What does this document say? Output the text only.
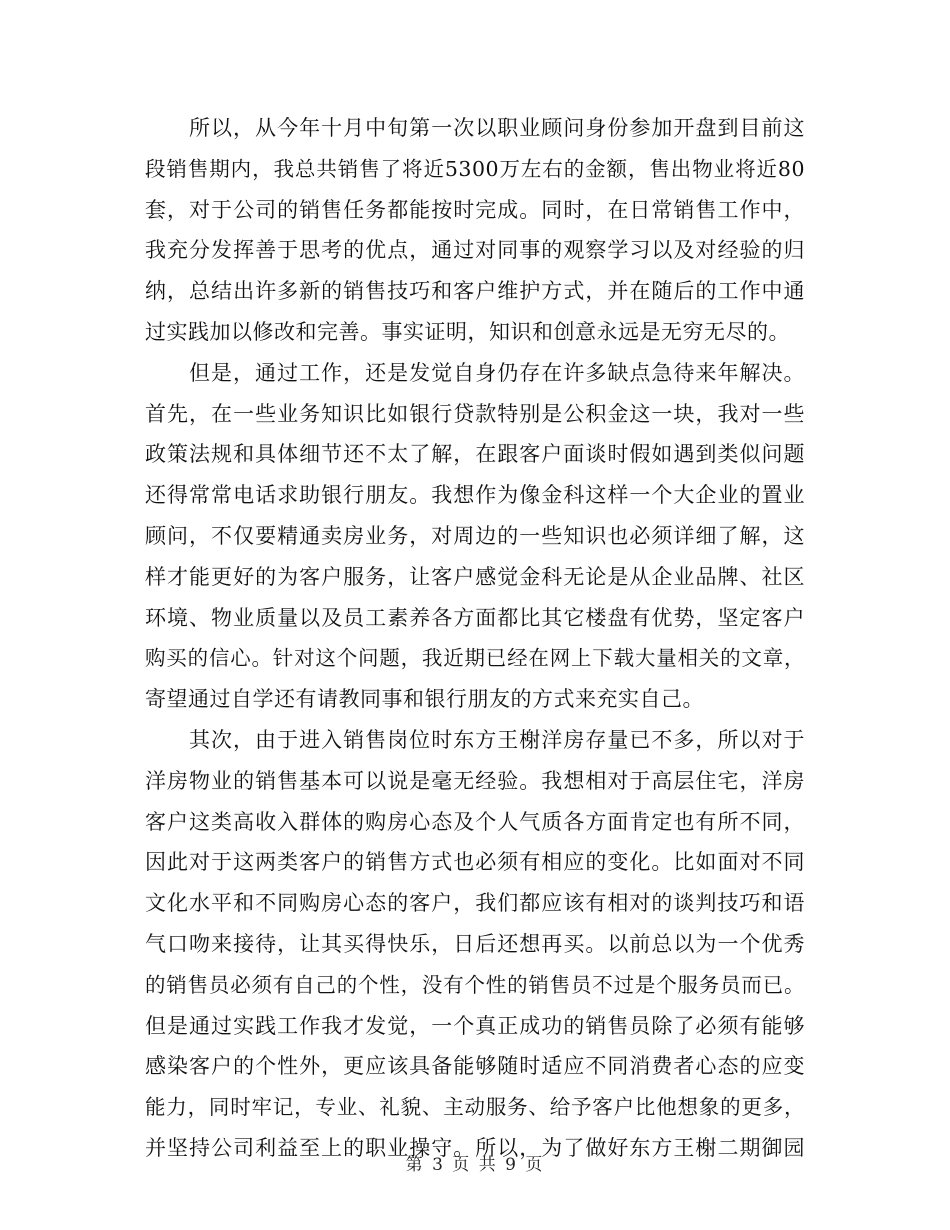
所以，从今年十月中旬第一次以职业顾问身份参加开盘到目前这
段销售期内，我总共销售了将近5300万左右的金额，售出物业将近80
套，对于公司的销售任务都能按时完成。同时，在日常销售工作中，
我充分发挥善于思考的优点，通过对同事的观察学习以及对经验的归
纳，总结出许多新的销售技巧和客户维护方式，并在随后的工作中通
过实践加以修改和完善。事实证明，知识和创意永远是无穷无尽的。
但是，通过工作，还是发觉自身仍存在许多缺点急待来年解决。
首先，在一些业务知识比如银行贷款特别是公积金这一块，我对一些
政策法规和具体细节还不太了解，在跟客户面谈时假如遇到类似问题
还得常常电话求助银行朋友。我想作为像金科这样一个大企业的置业
顾问，不仅要精通卖房业务，对周边的一些知识也必须详细了解，这
样才能更好的为客户服务，让客户感觉金科无论是从企业品牌、社区
环境、物业质量以及员工素养各方面都比其它楼盘有优势，坚定客户
购买的信心。针对这个问题，我近期已经在网上下载大量相关的文章，
寄望通过自学还有请教同事和银行朋友的方式来充实自己。
其次，由于进入销售岗位时东方王榭洋房存量已不多，所以对于
洋房物业的销售基本可以说是毫无经验。我想相对于高层住宅，洋房
客户这类高收入群体的购房心态及个人气质各方面肯定也有所不同，
因此对于这两类客户的销售方式也必须有相应的变化。比如面对不同
文化水平和不同购房心态的客户，我们都应该有相对的谈判技巧和语
气口吻来接待，让其买得快乐，日后还想再买。以前总以为一个优秀
的销售员必须有自己的个性，没有个性的销售员不过是个服务员而已。
但是通过实践工作我才发觉，一个真正成功的销售员除了必须有能够
感染客户的个性外，更应该具备能够随时适应不同消费者心态的应变
能力，同时牢记，专业、礼貌、主动服务、给予客户比他想象的更多，
并坚持公司利益至上的职业操守。所以，为了做好东方王榭二期御园
第 3 页 共 9 页
